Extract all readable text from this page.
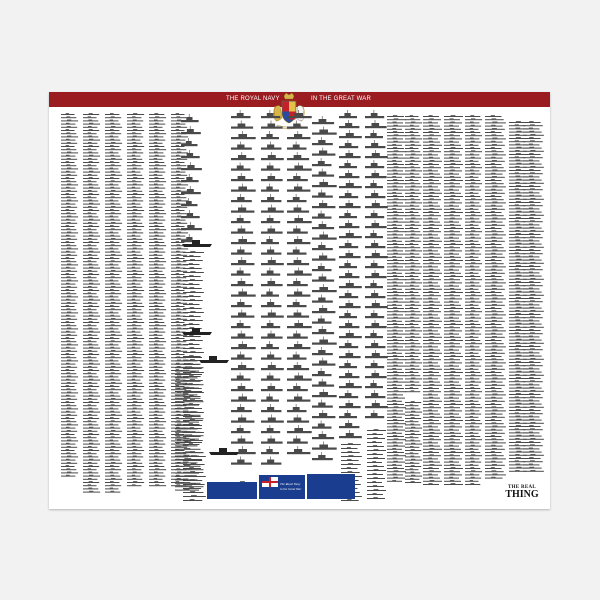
THE ROYAL NAVY	IN THE GREAT WAR
The Royal Navy
in the Great War	THE REAL
THING
